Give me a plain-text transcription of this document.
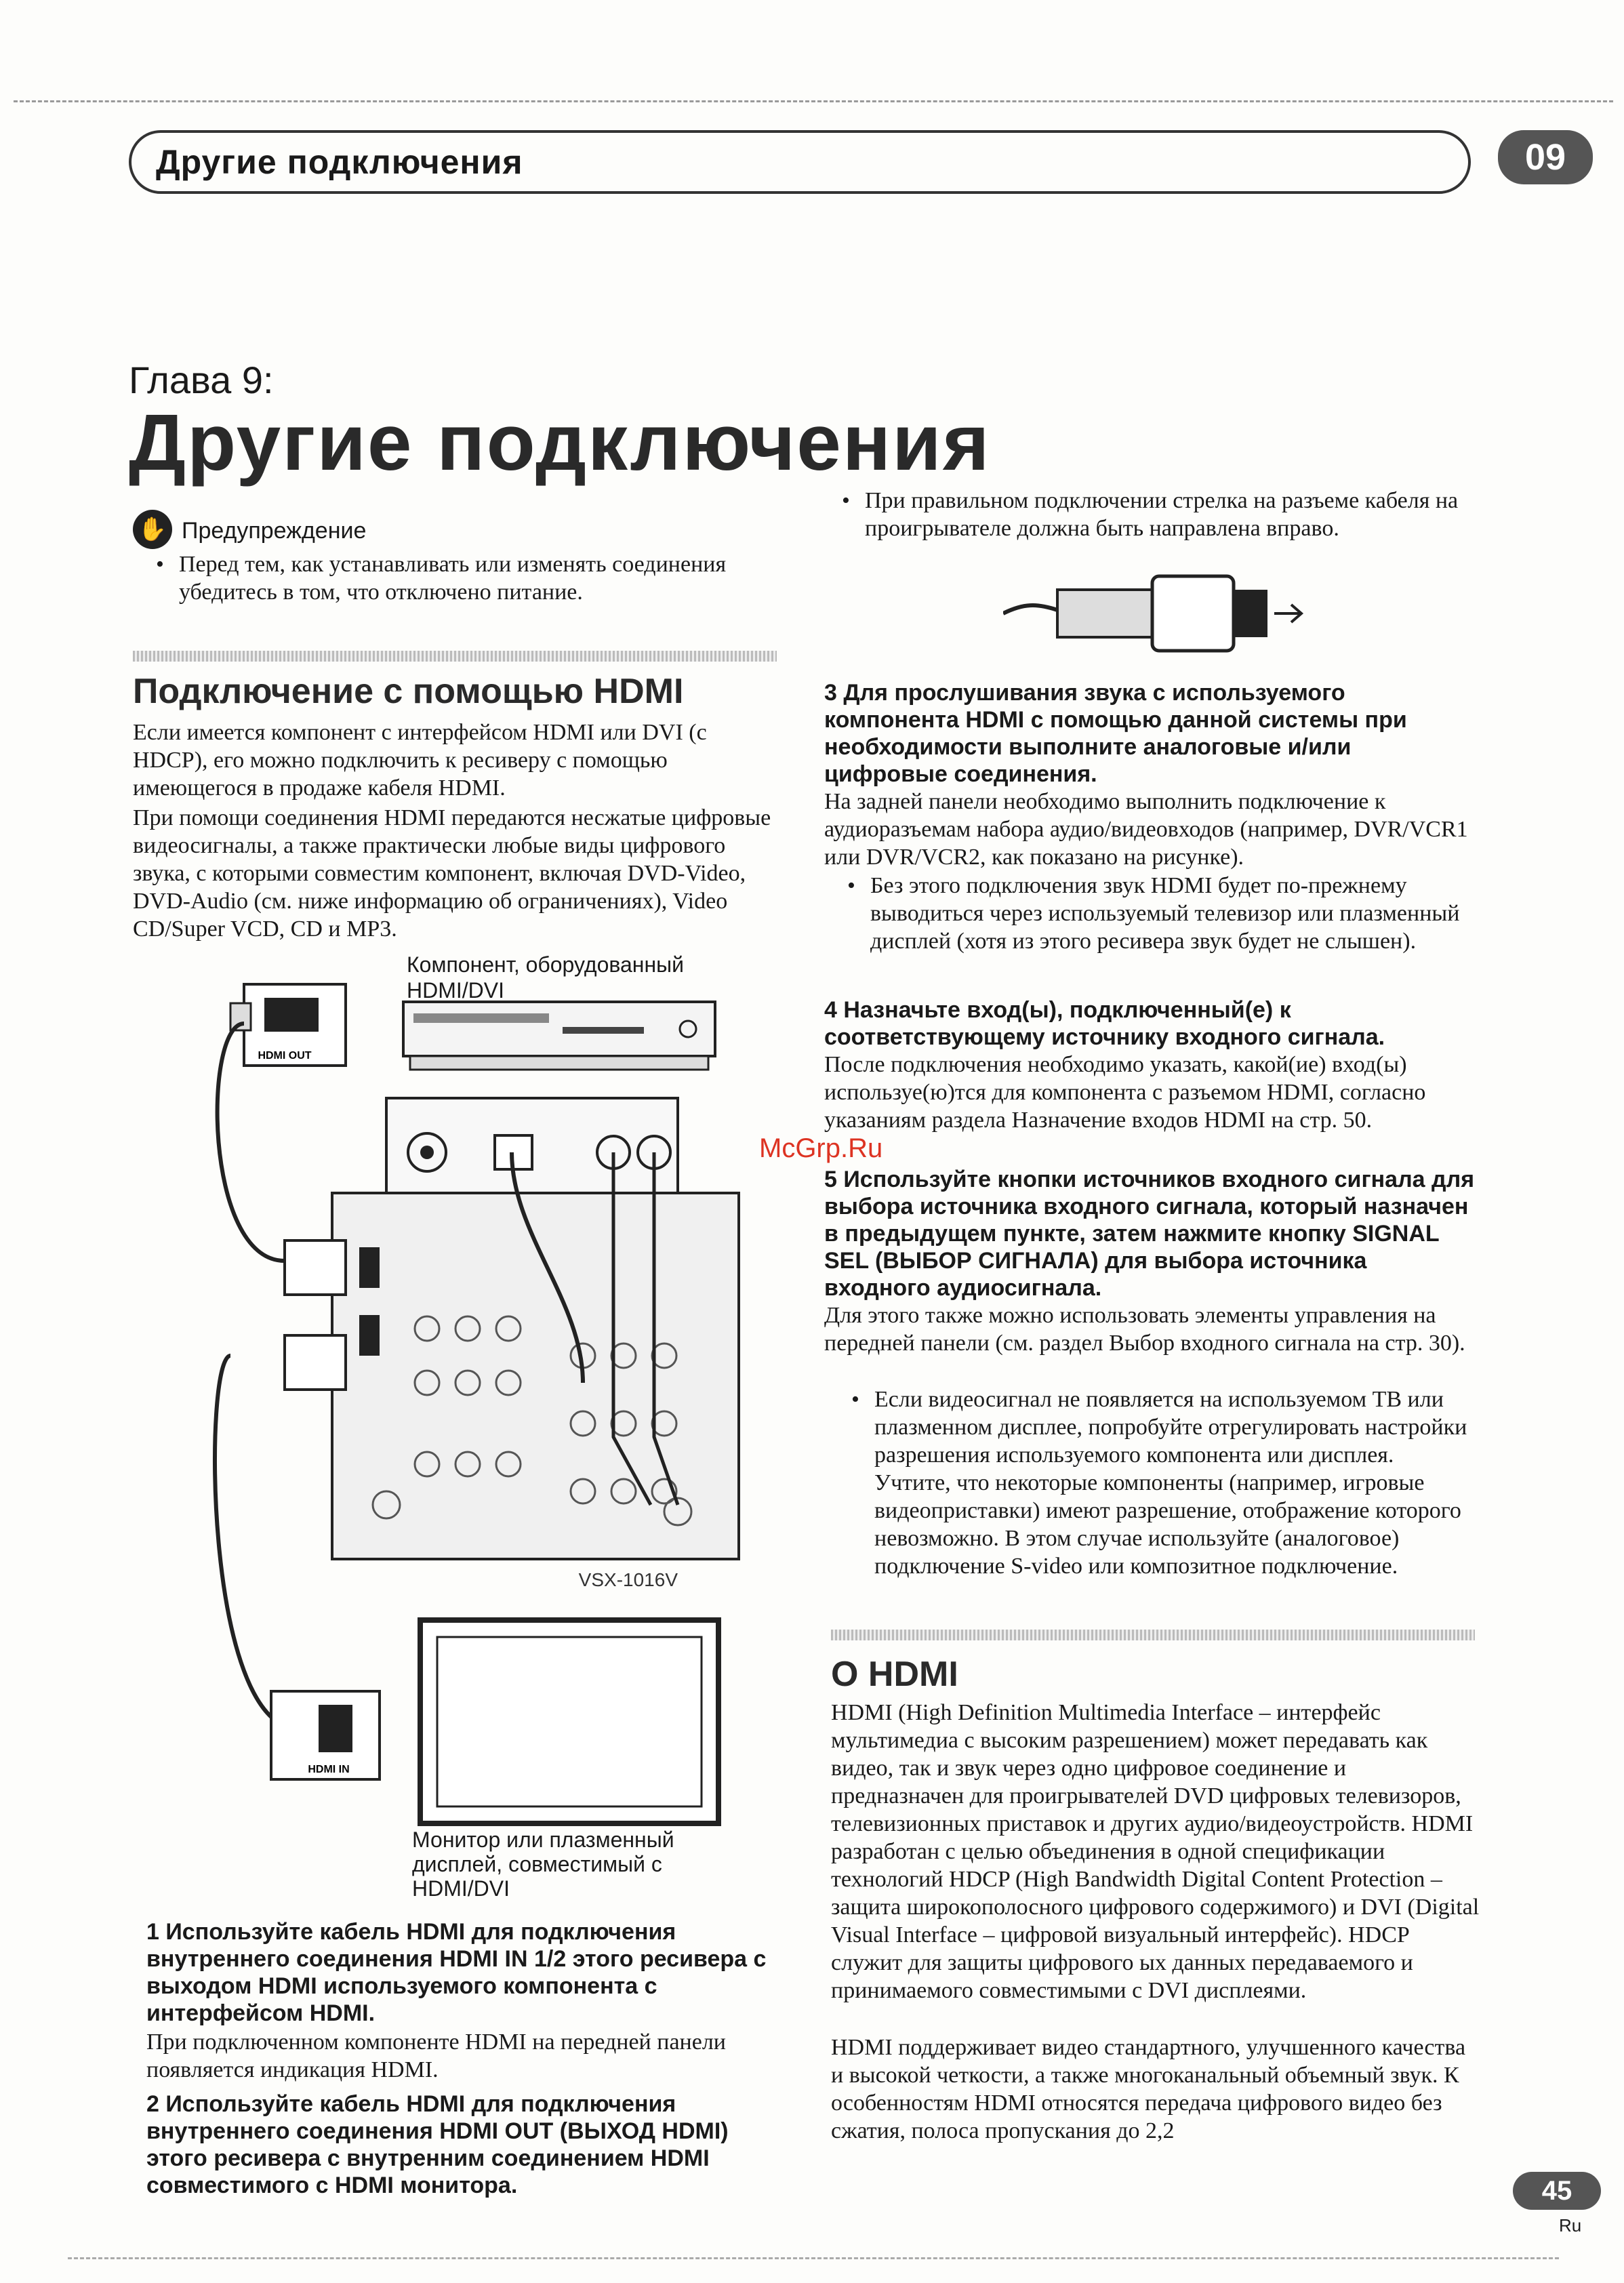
Другие подключения	09
Глава 9:
Другие подключения
✋ Предупреждение
• Перед тем, как устанавливать или изменять соединения убедитесь в том, что отключено питание.
Подключение с помощью HDMI
Если имеется компонент с интерфейсом HDMI или DVI (с HDCP), его можно подключить к ресиверу с помощью имеющегося в продаже кабеля HDMI.
При помощи соединения HDMI передаются несжатые цифровые видеосигналы, а также практически любые виды цифрового звука, с которыми совместим компонент, включая DVD-Video, DVD-Audio (см. ниже информацию об ограничениях), Video CD/Super VCD, CD и MP3.
HDMI OUT
VSX-1016V
HDMI IN
Компонент, оборудованный
HDMI/DVI
Монитор или плазменный
дисплей, совместимый с
HDMI/DVI
1 Используйте кабель HDMI для подключения внутреннего соединения HDMI IN 1/2 этого ресивера с выходом HDMI используемого компонента с интерфейсом HDMI.
При подключенном компоненте HDMI на передней панели появляется индикация HDMI.
2 Используйте кабель HDMI для подключения внутреннего соединения HDMI OUT (ВЫХОД HDMI) этого ресивера с внутренним соединением HDMI совместимого с HDMI монитора.
• При правильном подключении стрелка на разъеме кабеля на проигрывателе должна быть направлена вправо.
3 Для прослушивания звука с используемого компонента HDMI с помощью данной системы при необходимости выполните аналоговые и/или цифровые соединения.
На задней панели необходимо выполнить подключение к аудиоразъемам набора аудио/видеовходов (например, DVR/VCR1 или DVR/VCR2, как показано на рисунке).
• Без этого подключения звук HDMI будет по-прежнему выводиться через используемый телевизор или плазменный дисплей (хотя из этого ресивера звук будет не слышен).
4 Назначьте вход(ы), подключенный(е) к соответствующему источнику входного сигнала.
После подключения необходимо указать, какой(ие) вход(ы) используе(ю)тся для компонента с разъемом HDMI, согласно указаниям раздела Назначение входов HDMI на стр. 50.
5 Используйте кнопки источников входного сигнала для выбора источника входного сигнала, который назначен в предыдущем пункте, затем нажмите кнопку SIGNAL SEL (ВЫБОР СИГНАЛА) для выбора источника входного аудиосигнала.
Для этого также можно использовать элементы управления на передней панели (см. раздел Выбор входного сигнала на стр. 30).
• Если видеосигнал не появляется на используемом ТВ или плазменном дисплее, попробуйте отрегулировать настройки разрешения используемого компонента или дисплея. Учтите, что некоторые компоненты (например, игровые видеоприставки) имеют разрешение, отображение которого невозможно. В этом случае используйте (аналоговое) подключение S-video или композитное подключение.
О HDMI
HDMI (High Definition Multimedia Interface – интерфейс мультимедиа с высоким разрешением) может передавать как видео, так и звук через одно цифровое соединение и предназначен для проигрывателей DVD цифровых телевизоров, телевизионных приставок и других аудио/видеоустройств. HDMI разработан с целью объединения в одной спецификации технологий HDCP (High Bandwidth Digital Content Protection – защита широкополосного цифрового содержимого) и DVI (Digital Visual Interface – цифровой визуальный интерфейс). HDCP служит для защиты цифрового ых данных передаваемого и принимаемого совместимыми с DVI дисплеями.
HDMI поддерживает видео стандартного, улучшенного качества и высокой четкости, а также многоканальный объемный звук. К особенностям HDMI относятся передача цифрового видео без сжатия, полоса пропускания до 2,2
McGrp.Ru
45
Ru
